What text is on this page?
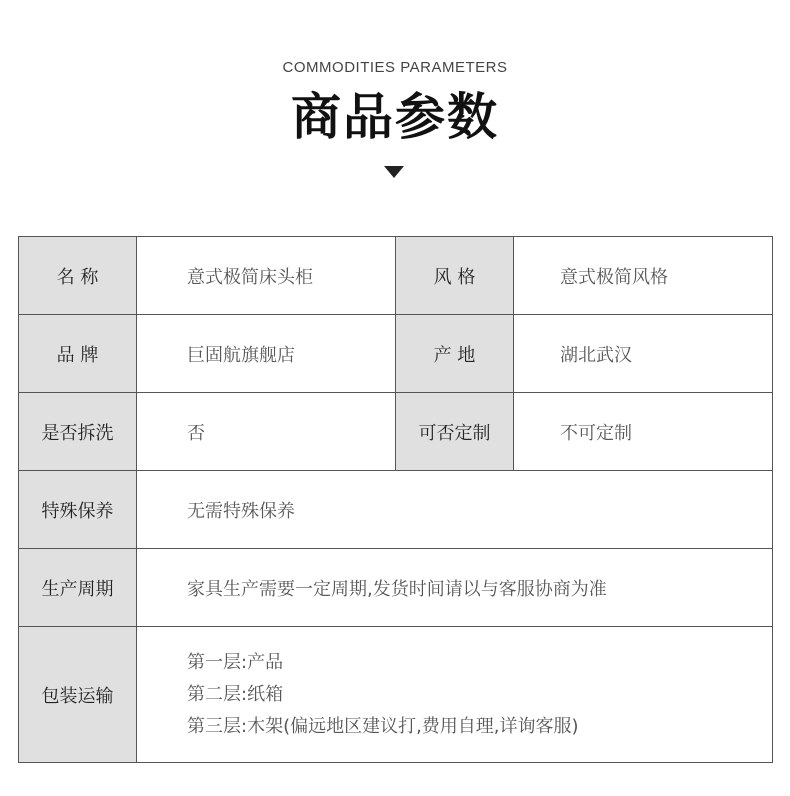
COMMODITIES PARAMETERS
商品参数
名 称	意式极简床头柜	风 格	意式极简风格
品 牌	巨固航旗舰店	产 地	湖北武汉
是否拆洗	否	可否定制	不可定制
特殊保养	无需特殊保养		
生产周期	家具生产需要一定周期,发货时间请以与客服协商为准		
包装运输	第一层:产品
第二层:纸箱
第三层:木架(偏远地区建议打,费用自理,详询客服)		
